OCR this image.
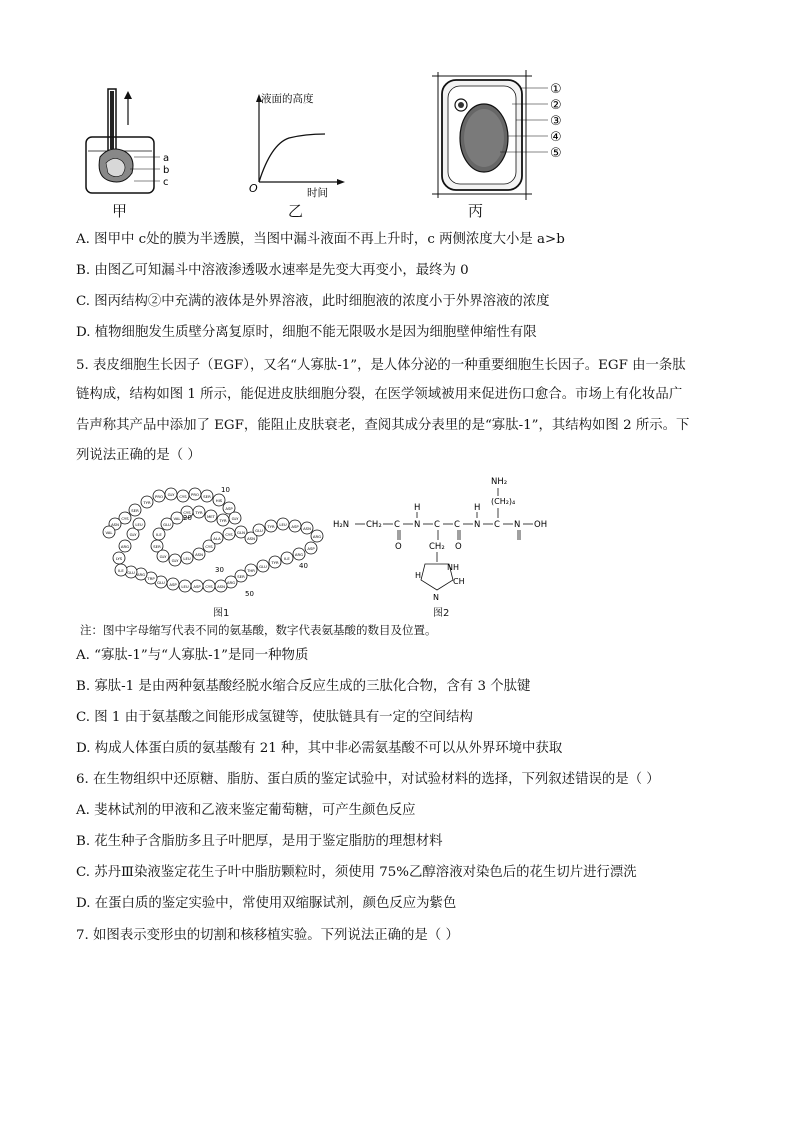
a
b
c
甲
液面的高度
O	时间
乙
①
②
③
④
⑤
丙
A. 图甲中 c处的膜为半透膜，当图中漏斗液面不再上升时，c 两侧浓度大小是 a>b
B. 由图乙可知漏斗中溶液渗透吸水速率是先变大再变小，最终为 0
C. 图丙结构②中充满的液体是外界溶液，此时细胞液的浓度小于外界溶液的浓度
D. 植物细胞发生质壁分离复原时，细胞不能无限吸水是因为细胞壁伸缩性有限
5. 表皮细胞生长因子（EGF），又名“人寡肽-1”，是人体分泌的一种重要细胞生长因子。EGF 由一条肽
链构成，结构如图 1 所示，能促进皮肤细胞分裂，在医学领域被用来促进伤口愈合。市场上有化妆品广
告声称其产品中添加了 EGF，能阻止皮肤衰老，查阅其成分表里的是“寡肽-1”，其结构如图 2 所示。下
列说法正确的是（ ）
SER
TYR
PRO GLY CYS PRO SER
HIS
ASP
GLY
TYR
MET
TYR
CYS
VAL
GLU
ILE
SER
GLY
GLY LEU
ASN
CYS
ALA
CYS GLN
ASN
GLU
TYR LEU ASP ASN
ARG
ASP
ARG
ILE
TYR
GLU
THR
SER
ARG
ASN
CYS
ASP
LEU
ASP
GLU
TRP
ARG
GLU
ILE
LYS
ARG
GLY
LEU
CYS
ASN
VAL
10
20
30	40
50
图1
H₂N CH₂ C
O
N
H
C
CH₂
NH
CH
N
H
C
O
N
H
C
(CH₂)₄
NH₂
N OH
图2
注：图中字母缩写代表不同的氨基酸，数字代表氨基酸的数目及位置。
A. “寡肽-1”与“人寡肽-1”是同一种物质
B. 寡肽-1 是由两种氨基酸经脱水缩合反应生成的三肽化合物，含有 3 个肽键
C. 图 1 由于氨基酸之间能形成氢键等，使肽链具有一定的空间结构
D. 构成人体蛋白质的氨基酸有 21 种，其中非必需氨基酸不可以从外界环境中获取
6. 在生物组织中还原糖、脂肪、蛋白质的鉴定试验中，对试验材料的选择，下列叙述错误的是（ ）
A. 斐林试剂的甲液和乙液来鉴定葡萄糖，可产生颜色反应
B. 花生种子含脂肪多且子叶肥厚，是用于鉴定脂肪的理想材料
C. 苏丹Ⅲ染液鉴定花生子叶中脂肪颗粒时，须使用 75%乙醇溶液对染色后的花生切片进行漂洗
D. 在蛋白质的鉴定实验中，常使用双缩脲试剂，颜色反应为紫色
7. 如图表示变形虫的切割和核移植实验。下列说法正确的是（ ）
